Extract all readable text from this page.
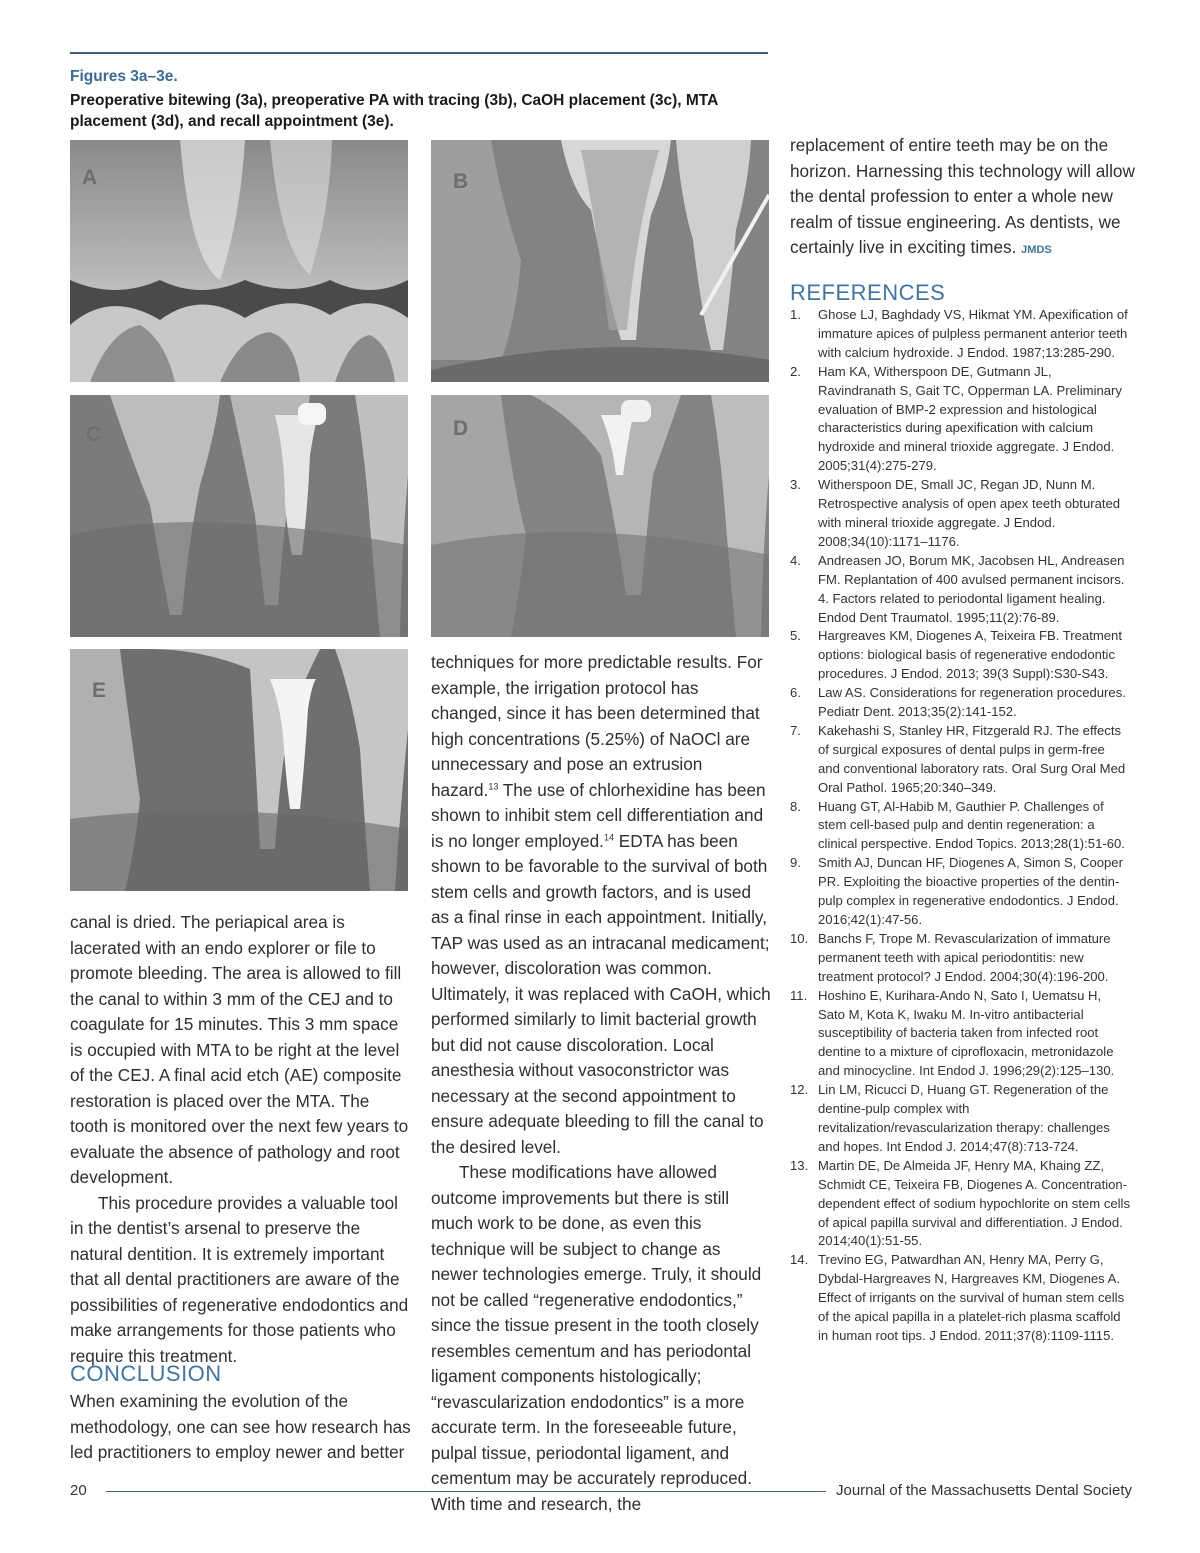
Figures 3a–3e.
Preoperative bitewing (3a), preoperative PA with tracing (3b), CaOH placement (3c), MTA placement (3d), and recall appointment (3e).
A	B
C	D
E

replacement of entire teeth may be on the horizon. Harnessing this technology will allow the dental profession to enter a whole new realm of tissue engineering. As dentists, we certainly live in exciting times. JMDS

canal is dried. The periapical area is lacerated with an endo explorer or file to promote bleeding. The area is allowed to fill the canal to within 3 mm of the CEJ and to coagulate for 15 minutes. This 3 mm space is occupied with MTA to be right at the level of the CEJ. A final acid etch (AE) composite restoration is placed over the MTA. The tooth is monitored over the next few years to evaluate the absence of pathology and root development.

This procedure provides a valuable tool in the dentist’s arsenal to preserve the natural dentition. It is extremely important that all dental practitioners are aware of the possibilities of regenerative endodontics and make arrangements for those patients who require this treatment.

CONCLUSION

When examining the evolution of the methodology, one can see how research has led practitioners to employ newer and better

techniques for more predictable results. For example, the irrigation protocol has changed, since it has been determined that high concentrations (5.25%) of NaOCl are unnecessary and pose an extrusion hazard.$^{13}$ The use of chlorhexidine has been shown to inhibit stem cell differentiation and is no longer employed.$^{14}$ EDTA has been shown to be favorable to the survival of both stem cells and growth factors, and is used as a final rinse in each appointment. Initially, TAP was used as an intracanal medicament; however, discoloration was common. Ultimately, it was replaced with CaOH, which performed similarly to limit bacterial growth but did not cause discoloration. Local anesthesia without vasoconstrictor was necessary at the second appointment to ensure adequate bleeding to fill the canal to the desired level.

These modifications have allowed outcome improvements but there is still much work to be done, as even this technique will be subject to change as newer technologies emerge. Truly, it should not be called “regenerative endodontics,” since the tissue present in the tooth closely resembles cementum and has periodontal ligament components histologically; “revascularization endodontics” is a more accurate term. In the foreseeable future, pulpal tissue, periodontal ligament, and cementum may be accurately reproduced. With time and research, the

REFERENCES
1.	Ghose LJ, Baghdady VS, Hikmat YM. Apexification of immature apices of pulpless permanent anterior teeth with calcium hydroxide. J Endod. 1987;13:285-290.
2.	Ham KA, Witherspoon DE, Gutmann JL, Ravindranath S, Gait TC, Opperman LA. Preliminary evaluation of BMP-2 expression and histological characteristics during apexification with calcium hydroxide and mineral trioxide aggregate. J Endod. 2005;31(4):275-279.
3.	Witherspoon DE, Small JC, Regan JD, Nunn M. Retrospective analysis of open apex teeth obturated with mineral trioxide aggregate. J Endod. 2008;34(10):1171–1176.
4.	Andreasen JO, Borum MK, Jacobsen HL, Andreasen FM. Replantation of 400 avulsed permanent incisors. 4. Factors related to periodontal ligament healing. Endod Dent Traumatol. 1995;11(2):76-89.
5.	Hargreaves KM, Diogenes A, Teixeira FB. Treatment options: biological basis of regenerative endodontic procedures. J Endod. 2013; 39(3 Suppl):S30-S43.
6.	Law AS. Considerations for regeneration procedures. Pediatr Dent. 2013;35(2):141-152.
7.	Kakehashi S, Stanley HR, Fitzgerald RJ. The effects of surgical exposures of dental pulps in germ-free and conventional laboratory rats. Oral Surg Oral Med Oral Pathol. 1965;20:340–349.
8.	Huang GT, Al-Habib M, Gauthier P. Challenges of stem cell-based pulp and dentin regeneration: a clinical perspective. Endod Topics. 2013;28(1):51-60.
9.	Smith AJ, Duncan HF, Diogenes A, Simon S, Cooper PR. Exploiting the bioactive properties of the dentin-pulp complex in regenerative endodontics. J Endod. 2016;42(1):47-56.
10. Banchs F, Trope M. Revascularization of immature permanent teeth with apical periodontitis: new treatment protocol? J Endod. 2004;30(4):196-200.
11. Hoshino E, Kurihara-Ando N, Sato I, Uematsu H, Sato M, Kota K, Iwaku M. In-vitro antibacterial susceptibility of bacteria taken from infected root dentine to a mixture of ciprofloxacin, metronidazole and minocycline. Int Endod J. 1996;29(2):125–130.
12. Lin LM, Ricucci D, Huang GT. Regeneration of the dentine-pulp complex with revitalization/revascularization therapy: challenges and hopes. Int Endod J. 2014;47(8):713-724.
13. Martin DE, De Almeida JF, Henry MA, Khaing ZZ, Schmidt CE, Teixeira FB, Diogenes A. Concentration-dependent effect of sodium hypochlorite on stem cells of apical papilla survival and differentiation. J Endod. 2014;40(1):51-55.
14. Trevino EG, Patwardhan AN, Henry MA, Perry G, Dybdal-Hargreaves N, Hargreaves KM, Diogenes A. Effect of irrigants on the survival of human stem cells of the apical papilla in a platelet-rich plasma scaffold in human root tips. J Endod. 2011;37(8):1109-1115.
20	Journal of the Massachusetts Dental Society
